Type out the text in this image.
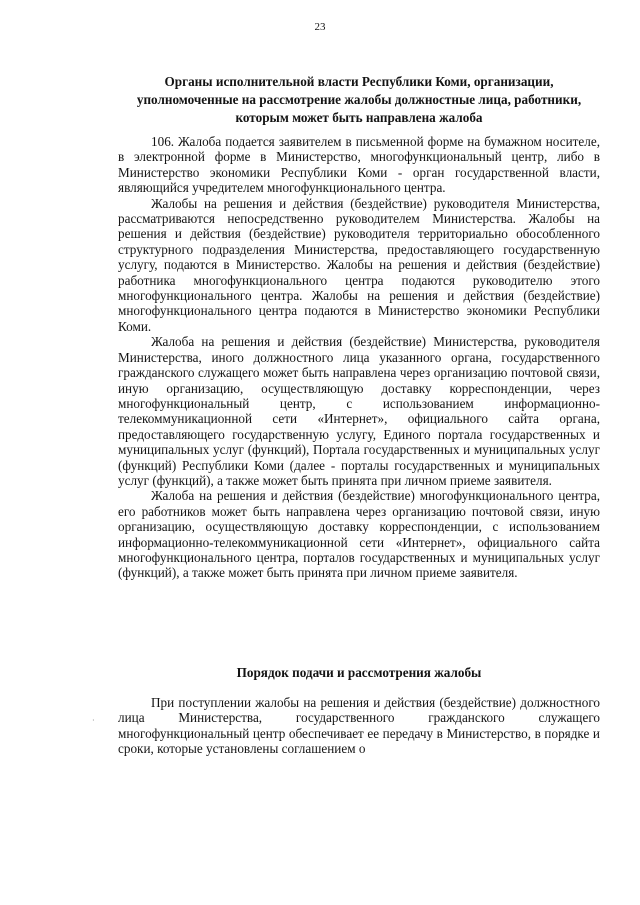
23
Органы исполнительной власти Республики Коми, организации, уполномоченные на рассмотрение жалобы должностные лица, работники, которым может быть направлена жалоба

106. Жалоба подается заявителем в письменной форме на бумажном носителе, в электронной форме в Министерство, многофункциональный центр, либо в Министерство экономики Республики Коми - орган государственной власти, являющийся учредителем многофункционального центра.

Жалобы на решения и действия (бездействие) руководителя Министерства, рассматриваются непосредственно руководителем Министерства. Жалобы на решения и действия (бездействие) руководителя территориально обособленного структурного подразделения Министерства, предоставляющего государственную услугу, подаются в Министерство. Жалобы на решения и действия (бездействие) работника многофункционального центра подаются руководителю этого многофункционального центра. Жалобы на решения и действия (бездействие) многофункционального центра подаются в Министерство экономики Республики Коми.

Жалоба на решения и действия (бездействие) Министерства, руководителя Министерства, иного должностного лица указанного органа, государственного гражданского служащего может быть направлена через организацию почтовой связи, иную организацию, осуществляющую доставку корреспонденции, через многофункциональный центр, с использованием информационно-телекоммуникационной сети «Интернет», официального сайта органа, предоставляющего государственную услугу, Единого портала государственных и муниципальных услуг (функций), Портала государственных и муниципальных услуг (функций) Республики Коми (далее - порталы государственных и муниципальных услуг (функций), а также может быть принята при личном приеме заявителя.

Жалоба на решения и действия (бездействие) многофункционального центра, его работников может быть направлена через организацию почтовой связи, иную организацию, осуществляющую доставку корреспонденции, с использованием информационно-телекоммуникационной сети «Интернет», официального сайта многофункционального центра, порталов государственных и муниципальных услуг (функций), а также может быть принята при личном приеме заявителя.

Порядок подачи и рассмотрения жалобы

При поступлении жалобы на решения и действия (бездействие) должностного лица Министерства, государственного гражданского служащего многофункциональный центр обеспечивает ее передачу в Министерство, в порядке и сроки, которые установлены соглашением о

·
